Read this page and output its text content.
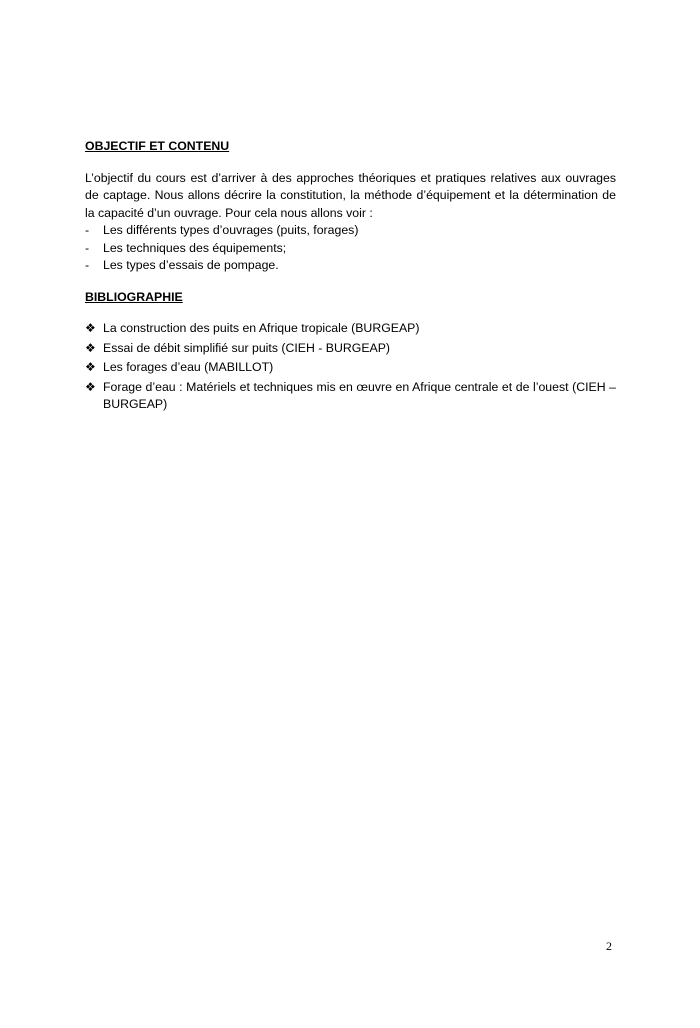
OBJECTIF ET CONTENU

L’objectif du cours est d’arriver à des approches théoriques et pratiques relatives aux ouvrages de captage. Nous allons décrire la constitution, la méthode d’équipement et la détermination de la capacité d’un ouvrage. Pour cela nous allons voir :

- Les différents types d’ouvrages (puits, forages)
- Les techniques des équipements;
- Les types d’essais de pompage.

BIBLIOGRAPHIE

❖ La construction des puits en Afrique tropicale (BURGEAP)
❖ Essai de débit simplifié sur puits (CIEH - BURGEAP)
❖ Les forages d’eau (MABILLOT)
❖ Forage d’eau : Matériels et techniques mis en œuvre en Afrique centrale et de l’ouest (CIEH – BURGEAP)
2
